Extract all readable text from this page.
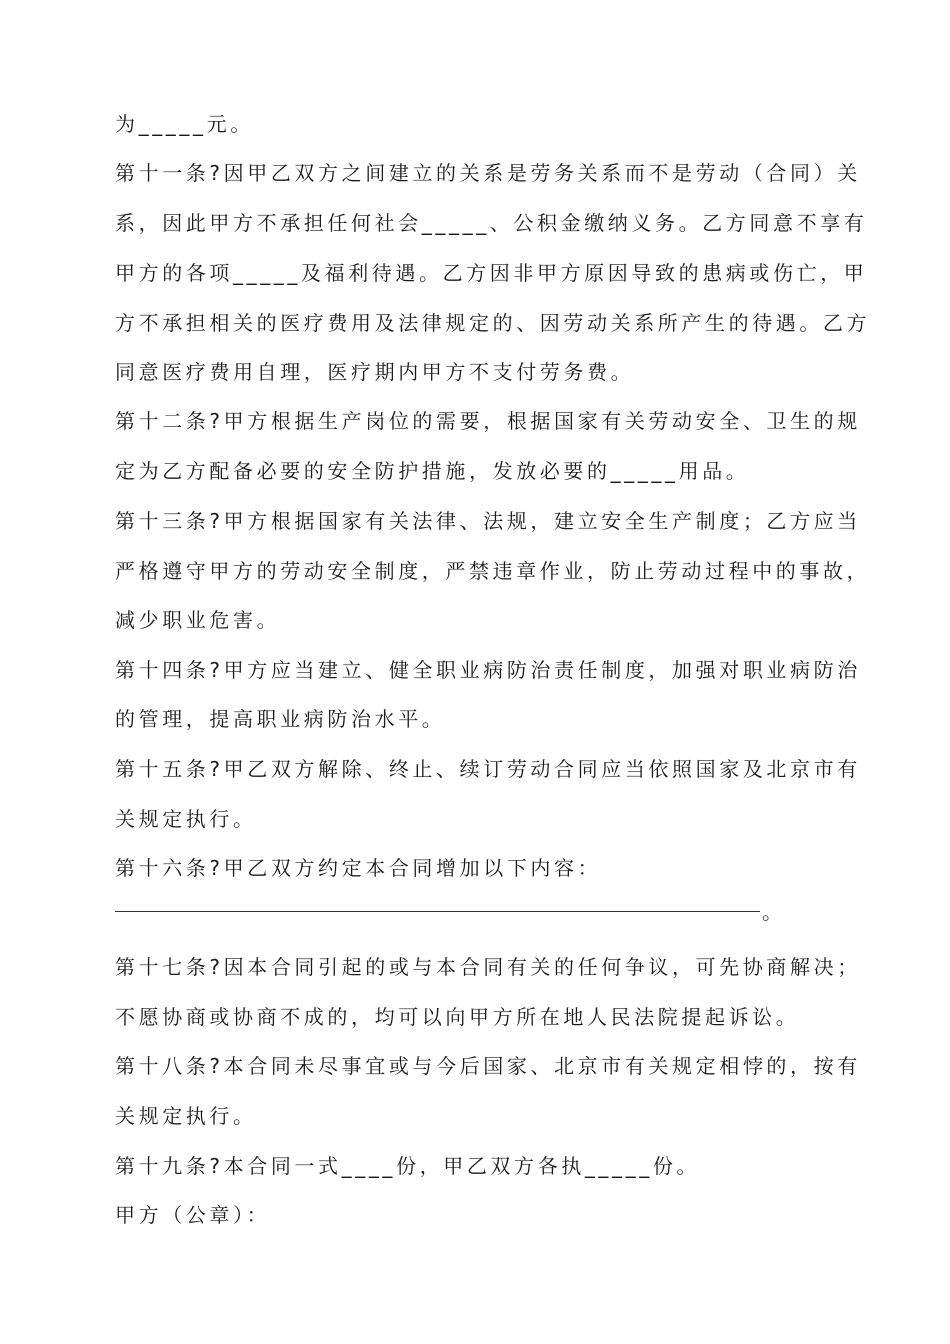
为_____元。
第十一条?因甲乙双方之间建立的关系是劳务关系而不是劳动（合同）关
系，因此甲方不承担任何社会_____、公积金缴纳义务。乙方同意不享有
甲方的各项_____及福利待遇。乙方因非甲方原因导致的患病或伤亡，甲
方不承担相关的医疗费用及法律规定的、因劳动关系所产生的待遇。乙方
同意医疗费用自理，医疗期内甲方不支付劳务费。
第十二条?甲方根据生产岗位的需要，根据国家有关劳动安全、卫生的规
定为乙方配备必要的安全防护措施，发放必要的_____用品。
第十三条?甲方根据国家有关法律、法规，建立安全生产制度；乙方应当
严格遵守甲方的劳动安全制度，严禁违章作业，防止劳动过程中的事故，
减少职业危害。
第十四条?甲方应当建立、健全职业病防治责任制度，加强对职业病防治
的管理，提高职业病防治水平。
第十五条?甲乙双方解除、终止、续订劳动合同应当依照国家及北京市有
关规定执行。
第十六条?甲乙双方约定本合同增加以下内容：
。
第十七条?因本合同引起的或与本合同有关的任何争议，可先协商解决；
不愿协商或协商不成的，均可以向甲方所在地人民法院提起诉讼。
第十八条?本合同未尽事宜或与今后国家、北京市有关规定相悖的，按有
关规定执行。
第十九条?本合同一式____份，甲乙双方各执_____份。
甲方（公章）：
